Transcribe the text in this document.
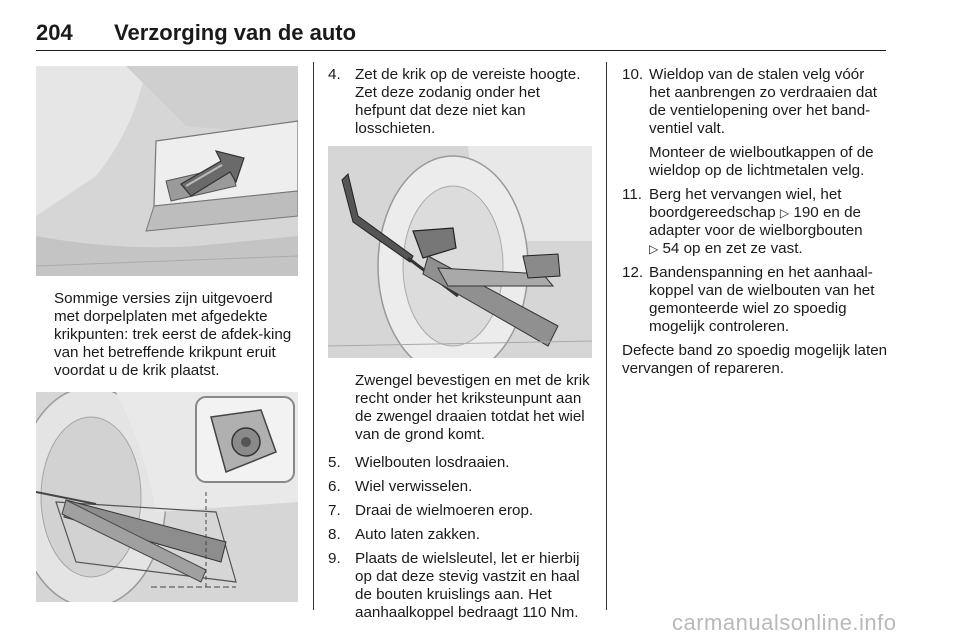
204 Verzorging van de auto

Sommige versies zijn uitgevoerd met dorpelplaten met afgedekte krikpunten: trek eerst de afdek-king van het betreffende krikpunt eruit voordat u de krik plaatst.

4. Zet de krik op de vereiste hoogte. Zet deze zodanig onder het hefpunt dat deze niet kan losschieten.

Zwengel bevestigen en met de krik recht onder het kriksteunpunt aan de zwengel draaien totdat het wiel van de grond komt.

5. Wielbouten losdraaien.
6. Wiel verwisselen.
7. Draai de wielmoeren erop.
8. Auto laten zakken.
9. Plaats de wielsleutel, let er hierbij op dat deze stevig vastzit en haal de bouten kruislings aan. Het aanhaalkoppel bedraagt 110 Nm.
10. Wieldop van de stalen velg vóór het aanbrengen zo verdraaien dat de ventielopening over het band-ventiel valt.
Monteer de wielboutkappen of de wieldop op de lichtmetalen velg.
11. Berg het vervangen wiel, het boordgereedschap ▷ 190 en de adapter voor de wielborgbouten
▷ 54 op en zet ze vast.
12. Bandenspanning en het aanhaal-koppel van de wielbouten van het gemonteerde wiel zo spoedig mogelijk controleren.

Defecte band zo spoedig mogelijk laten vervangen of repareren.

carmanualsonline.info
